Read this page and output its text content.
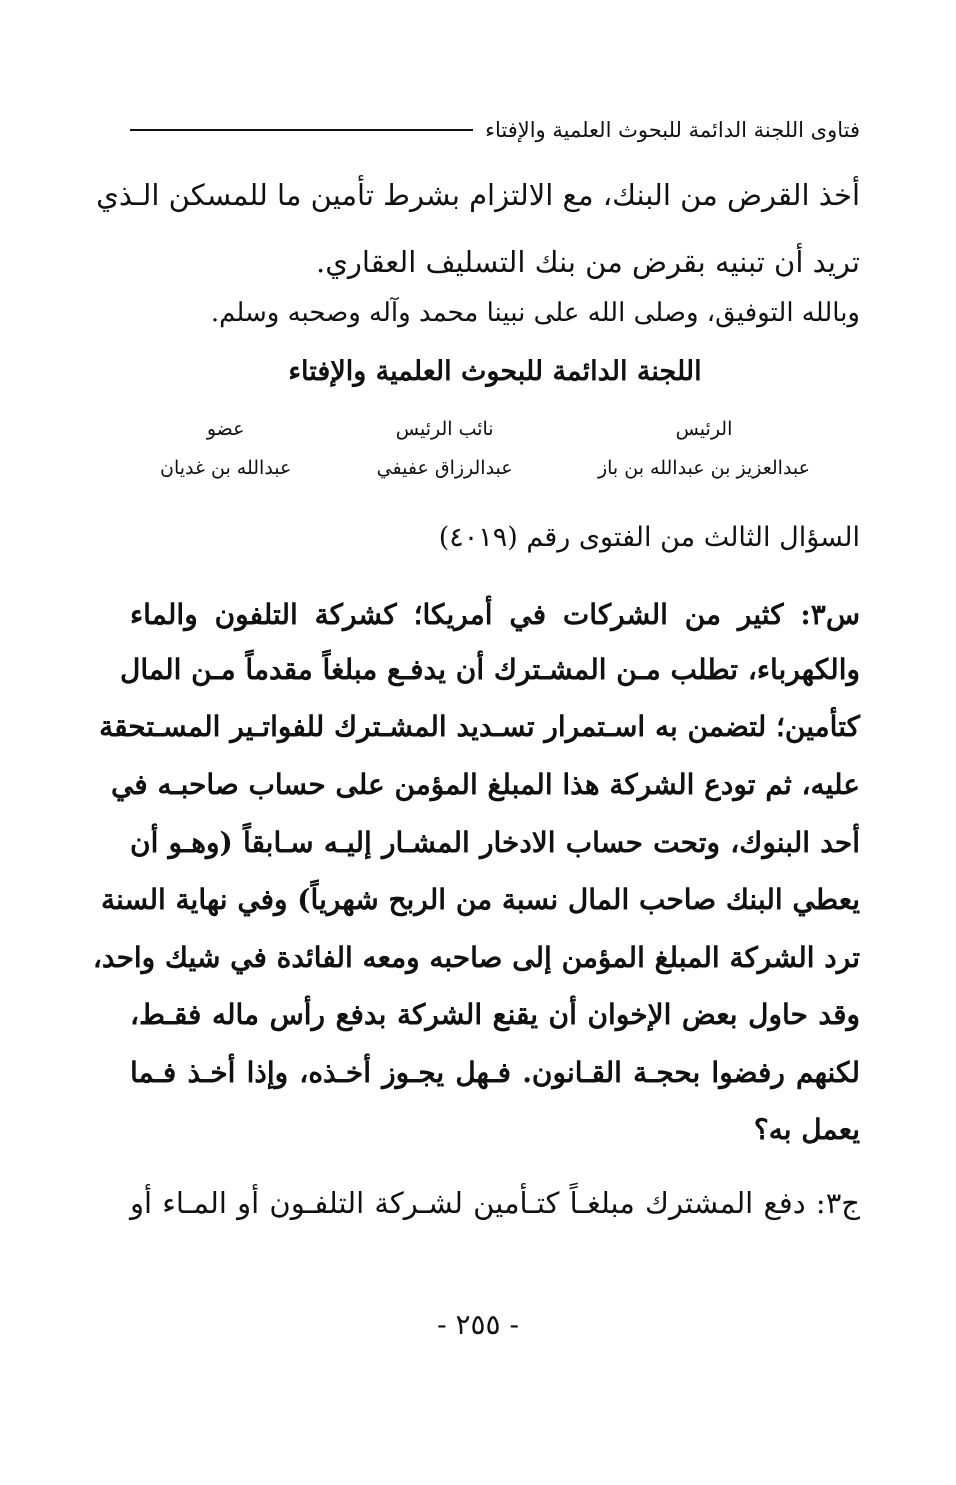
فتاوى اللجنة الدائمة للبحوث العلمية والإفتاء
أخذ القرض من البنك، مع الالتزام بشرط تأمين ما للمسكن الـذي
تريد أن تبنيه بقرض من بنك التسليف العقاري.
وبالله التوفيق، وصلى الله على نبينا محمد وآله وصحبه وسلم.
اللجنة الدائمة للبحوث العلمية والإفتاء
الرئيس
عبدالعزيز بن عبدالله بن باز
نائب الرئيس
عبدالرزاق عفيفي
عضو
عبدالله بن غديان
السؤال الثالث من الفتوى رقم (٤٠١٩)
س٣: كثير من الشركات في أمريكا؛ كشركة التلفون والماء
والكهرباء، تطلب مـن المشـترك أن يدفـع مبلغاً مقدماً مـن المال
كتأمين؛ لتضمن به اسـتمرار تسـديد المشـترك للفواتـير المسـتحقة
عليه، ثم تودع الشركة هذا المبلغ المؤمن على حساب صاحبـه في
أحد البنوك، وتحت حساب الادخار المشـار إليـه سـابقاً (وهـو أن
يعطي البنك صاحب المال نسبة من الربح شهرياً) وفي نهاية السنة
ترد الشركة المبلغ المؤمن إلى صاحبه ومعه الفائدة في شيك واحد،
وقد حاول بعض الإخوان أن يقنع الشركة بدفع رأس ماله فقـط،
لكنهم رفضوا بحجـة القـانون. فـهل يجـوز أخـذه، وإذا أخـذ فـما
يعمل به؟
ج٣: دفع المشترك مبلغـاً كتـأمين لشـركة التلفـون أو المـاء أو
- ٢٥٥ -
